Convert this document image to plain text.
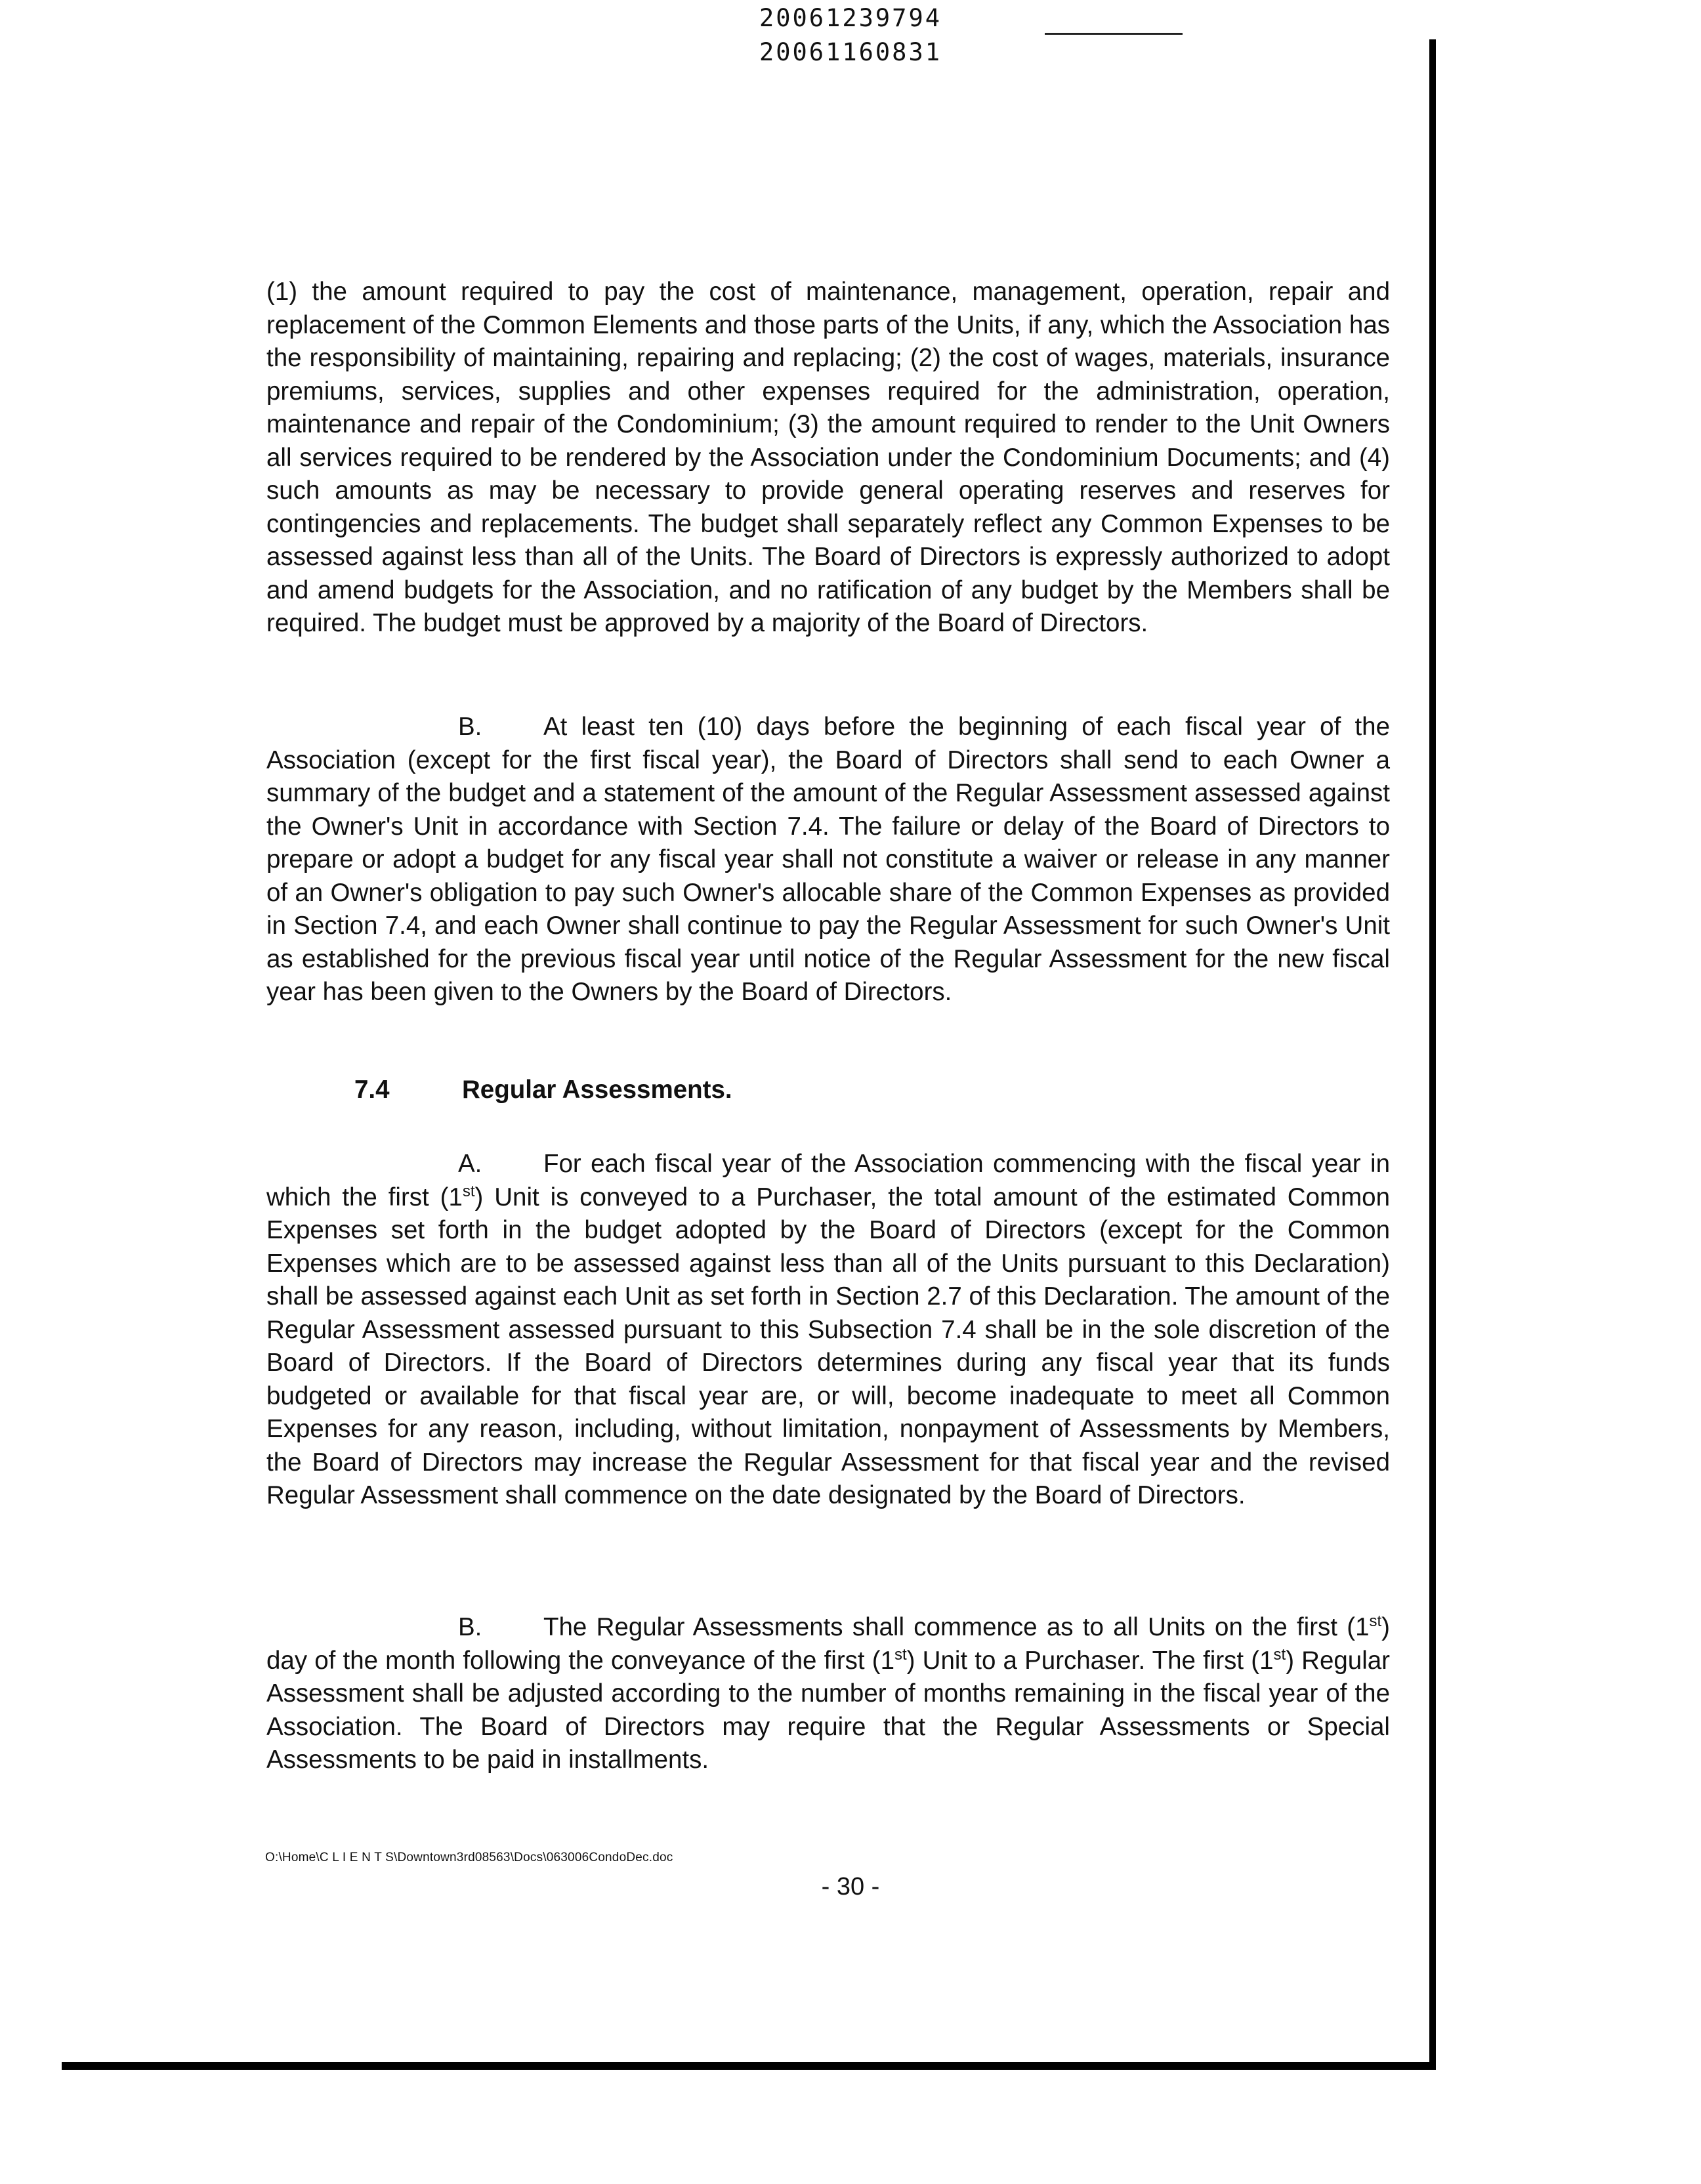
20061239794
20061160831
(1) the amount required to pay the cost of maintenance, management, operation, repair and replacement of the Common Elements and those parts of the Units, if any, which the Association has the responsibility of maintaining, repairing and replacing; (2) the cost of wages, materials, insurance premiums, services, supplies and other expenses required for the administration, operation, maintenance and repair of the Condominium; (3) the amount required to render to the Unit Owners all services required to be rendered by the Association under the Condominium Documents; and (4) such amounts as may be necessary to provide general operating reserves and reserves for contingencies and replacements. The budget shall separately reflect any Common Expenses to be assessed against less than all of the Units. The Board of Directors is expressly authorized to adopt and amend budgets for the Association, and no ratification of any budget by the Members shall be required. The budget must be approved by a majority of the Board of Directors.
B. At least ten (10) days before the beginning of each fiscal year of the Association (except for the first fiscal year), the Board of Directors shall send to each Owner a summary of the budget and a statement of the amount of the Regular Assessment assessed against the Owner's Unit in accordance with Section 7.4. The failure or delay of the Board of Directors to prepare or adopt a budget for any fiscal year shall not constitute a waiver or release in any manner of an Owner's obligation to pay such Owner's allocable share of the Common Expenses as provided in Section 7.4, and each Owner shall continue to pay the Regular Assessment for such Owner's Unit as established for the previous fiscal year until notice of the Regular Assessment for the new fiscal year has been given to the Owners by the Board of Directors.
7.4	Regular Assessments.
A. For each fiscal year of the Association commencing with the fiscal year in which the first (1st) Unit is conveyed to a Purchaser, the total amount of the estimated Common Expenses set forth in the budget adopted by the Board of Directors (except for the Common Expenses which are to be assessed against less than all of the Units pursuant to this Declaration) shall be assessed against each Unit as set forth in Section 2.7 of this Declaration. The amount of the Regular Assessment assessed pursuant to this Subsection 7.4 shall be in the sole discretion of the Board of Directors. If the Board of Directors determines during any fiscal year that its funds budgeted or available for that fiscal year are, or will, become inadequate to meet all Common Expenses for any reason, including, without limitation, nonpayment of Assessments by Members, the Board of Directors may increase the Regular Assessment for that fiscal year and the revised Regular Assessment shall commence on the date designated by the Board of Directors.
B. The Regular Assessments shall commence as to all Units on the first (1st) day of the month following the conveyance of the first (1st) Unit to a Purchaser. The first (1st) Regular Assessment shall be adjusted according to the number of months remaining in the fiscal year of the Association. The Board of Directors may require that the Regular Assessments or Special Assessments to be paid in installments.
O:\Home\C L I E N T S\Downtown3rd08563\Docs\063006CondoDec.doc
- 30 -
